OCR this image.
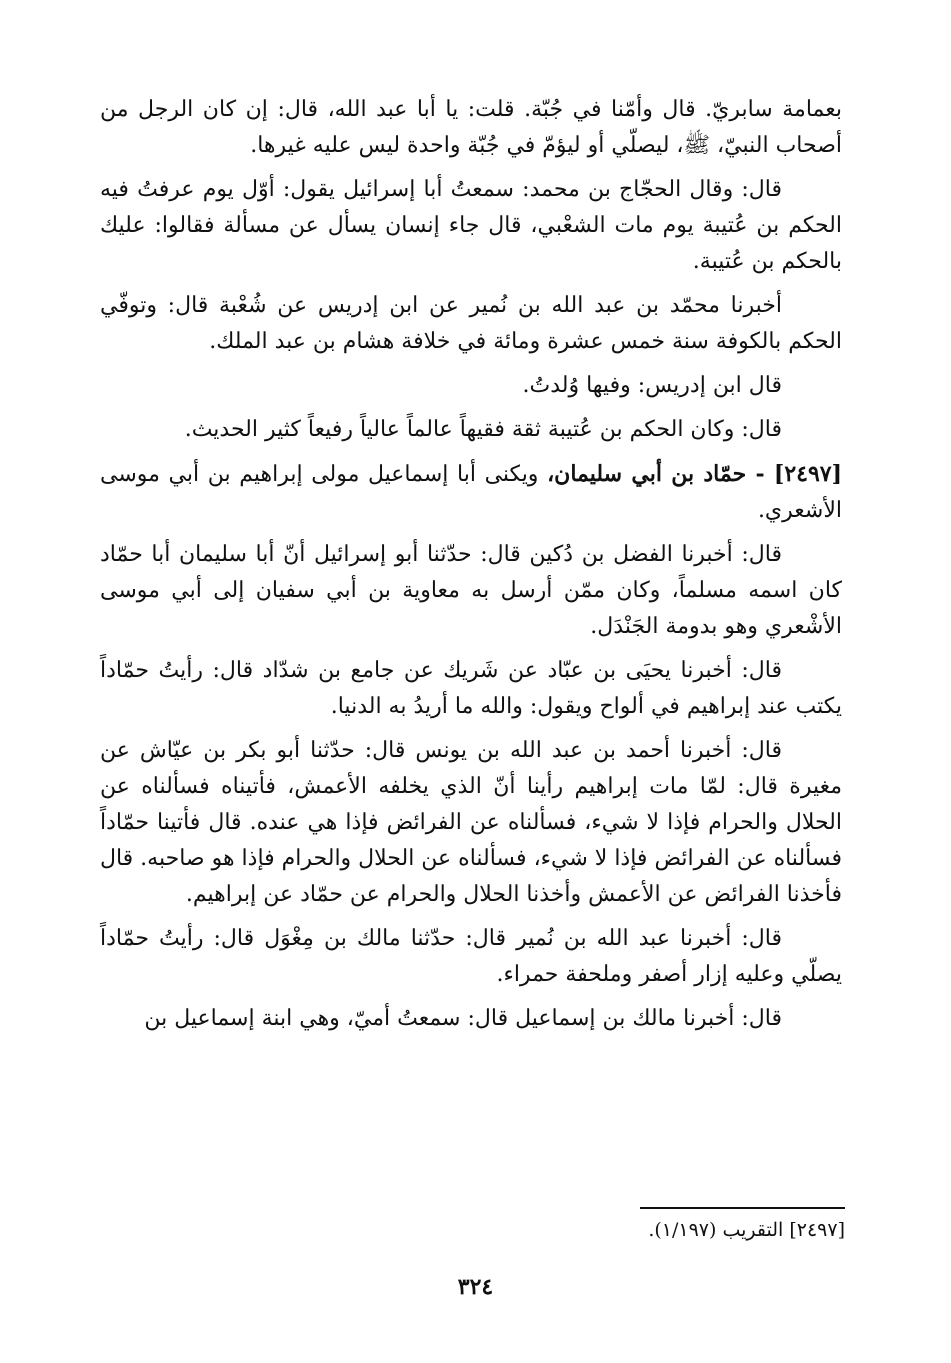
بعمامة سابريّ. قال وأمّنا في جُبّة. قلت: يا أبا عبد الله، قال: إن كان الرجل من أصحاب النبيّ، ﷺ، ليصلّي أو ليؤمّ في جُبّة واحدة ليس عليه غيرها.

قال: وقال الحجّاج بن محمد: سمعتُ أبا إسرائيل يقول: أوّل يوم عرفتُ فيه الحكم بن عُتيبة يوم مات الشعْبي، قال جاء إنسان يسأل عن مسألة فقالوا: عليك بالحكم بن عُتيبة.

أخبرنا محمّد بن عبد الله بن نُمير عن ابن إدريس عن شُعْبة قال: وتوفّي الحكم بالكوفة سنة خمس عشرة ومائة في خلافة هشام بن عبد الملك.

قال ابن إدريس: وفيها وُلدتُ.

قال: وكان الحكم بن عُتيبة ثقة فقيهاً عالماً عالياً رفيعاً كثير الحديث.

[٢٤٩٧] - حمّاد بن أبي سليمان، ويكنى أبا إسماعيل مولى إبراهيم بن أبي موسى الأشعري.

قال: أخبرنا الفضل بن دُكين قال: حدّثنا أبو إسرائيل أنّ أبا سليمان أبا حمّاد كان اسمه مسلماً، وكان ممّن أرسل به معاوية بن أبي سفيان إلى أبي موسى الأشْعري وهو بدومة الجَنْدَل.

قال: أخبرنا يحيَى بن عبّاد عن شَريك عن جامع بن شدّاد قال: رأيتُ حمّاداً يكتب عند إبراهيم في ألواح ويقول: والله ما أريدُ به الدنيا.

قال: أخبرنا أحمد بن عبد الله بن يونس قال: حدّثنا أبو بكر بن عيّاش عن مغيرة قال: لمّا مات إبراهيم رأينا أنّ الذي يخلفه الأعمش، فأتيناه فسألناه عن الحلال والحرام فإذا لا شيء، فسألناه عن الفرائض فإذا هي عنده. قال فأتينا حمّاداً فسألناه عن الفرائض فإذا لا شيء، فسألناه عن الحلال والحرام فإذا هو صاحبه. قال فأخذنا الفرائض عن الأعمش وأخذنا الحلال والحرام عن حمّاد عن إبراهيم.

قال: أخبرنا عبد الله بن نُمير قال: حدّثنا مالك بن مِغْوَل قال: رأيتُ حمّاداً يصلّي وعليه إزار أصفر وملحفة حمراء.

قال: أخبرنا مالك بن إسماعيل قال: سمعتُ أميّ، وهي ابنة إسماعيل بن

[٢٤٩٧] التقريب (١/١٩٧).
٣٢٤
